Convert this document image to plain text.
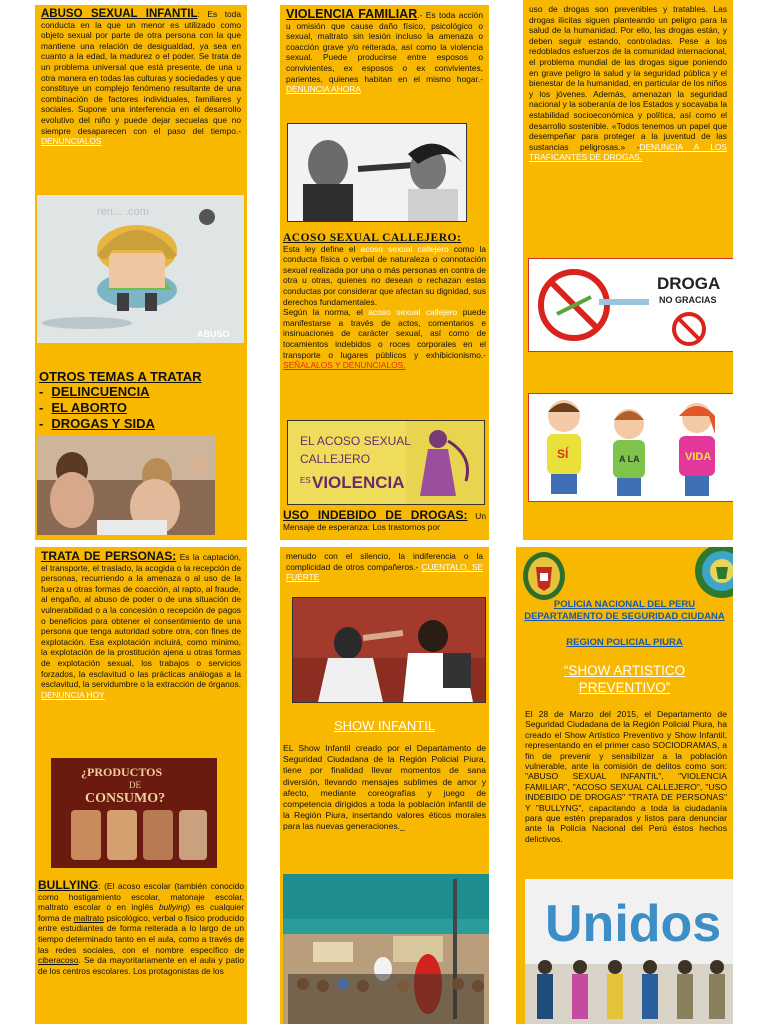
ABUSO SEXUAL INFANTIL: Es toda conducta en la que un menor es utilizado como objeto sexual por parte de otra persona con la que mantiene una relación de desigualdad, ya sea en cuanto a la edad, la madurez o el poder. Se trata de un problema universal que está presente, de una u otra manera en todas las culturas y sociedades y que constituye un complejo fenómeno resultante de una combinación de factores individuales, familiares y sociales. Supone una interferencia en el desarrollo evolutivo del niño y puede dejar secuelas que no siempre desaparecen con el paso del tiempo.-DENUNCIALOS

ren... .com
ABUSO

OTROS TEMAS A TRATAR

- DELINCUENCIA
- EL ABORTO
- DROGAS Y SIDA

VIOLENCIA FAMILIAR.- Es toda acción u omisión que cause daño físico, psicológico o sexual, maltrato sin lesión incluso la amenaza o coacción grave y/o reiterada, así como la violencia sexual. Puede producirse entre esposos o convivientes, ex esposos o ex convivientes, parientes, quienes habitan en el mismo hogar.-DENUNCIA AHORA

ACOSO SEXUAL CALLEJERO:
Esta ley define el acoso sexual callejero como la conducta física o verbal de naturaleza o connotación sexual realizada por una o más personas en contra de otra u otras, quienes no desean o rechazan estas conductas por considerar que afectan su dignidad, sus derechos fundamentales.
Según la norma, el acoso sexual callejero puede manifestarse a través de actos, comentarios e insinuaciones de carácter sexual, así como de tocamientos indebidos o roces corporales en el transporte o lugares públicos y exhibicionismo.-SEÑALALOS Y DENUNCIALOS.

EL ACOSO SEXUAL
CALLEJERO
ES VIOLENCIA

USO INDEBIDO DE DROGAS: Un Mensaje de esperanza: Los trastornos por

uso de drogas son prevenibles y tratables. Las drogas ilícitas siguen planteando un peligro para la salud de la humanidad. Por ello, las drogas están, y deben seguir estando, controladas. Pese a los redoblados esfuerzos de la comunidad internacional, el problema mundial de las drogas sigue poniendo en grave peligro la salud y la seguridad pública y el bienestar de la humanidad, en particular de los niños y los jóvenes. Además, amenazan la seguridad nacional y la soberanía de los Estados y socavaba la estabilidad socioeconómica y política, así como el desarrollo sostenible. «Todos tenemos un papel que desempeñar para proteger a la juventud de las sustancias peligrosas.» -DENUNCIA A LOS TRAFICANTES DE DROGAS.

DROGA
NO GRACIAS
SÍ	A LA	VIDA

TRATA DE PERSONAS: Es la captación, el transporte, el traslado, la acogida o la recepción de personas, recurriendo a la amenaza o al uso de la fuerza u otras formas de coacción, al rapto, al fraude, al engaño, al abuso de poder o de una situación de vulnerabilidad o a la concesión o recepción de pagos o beneficios para obtener el consentimiento de una persona que tenga autoridad sobre otra, con fines de explotación. Esa explotación incluirá, como mínimo, la explotación de la prostitución ajena u otras formas de explotación sexual, los trabajos o servicios forzados, la esclavitud o las prácticas análogas a la esclavitud, la servidumbre o la extracción de órganos. DENUNCIA HOY

¿PRODUCTOS
DE
CONSUMO?

BULLYING: (El acoso escolar (también conocido como hostigamiento escolar, matonaje escolar, maltrato escolar o en inglés bullying) es cualquier forma de maltrato psicológico, verbal o físico producido entre estudiantes de forma reiterada a lo largo de un tiempo determinado tanto en el aula, como a través de las redes sociales, con el nombre específico de ciberacoso. Se da mayoritariamente en el aula y patio de los centros escolares. Los protagonistas de los

menudo con el silencio, la indiferencia o la complicidad de otros compañeros.- CUENTALO, SE FUERTE

SHOW INFANTIL

EL Show Infantil creado por el Departamento de Seguridad Ciudadana de la Región Policial Piura, tiene por finalidad llevar momentos de sana diversión, llevando mensajes sublimes de amor y afecto, mediante coreografías y juego de competencia dirigidos a toda la población infantil de la Región Piura, insertando valores éticos morales para las nuevas generaciones._

POLICIA NACIONAL DEL PERU
DEPARTAMENTO DE SEGURIDAD CIUDANA
REGION POLICIAL PIURA
“SHOW ARTISTICO PREVENTIVO”

El 28 de Marzo del 2015, el Departamento de Seguridad Ciudadana de la Región Policial Piura, ha creado el Show Artístico Preventivo y Show Infantil, representando en el primer caso SOCIODRAMAS, a fin de prevenir y sensibilizar a la población vulnerable, ante la comisión de delitos como son: "ABUSO SEXUAL INFANTIL", "VIOLENCIA FAMILIAR", "ACOSO SEXUAL CALLEJERO", "USO INDEBIDO DE DROGAS" "TRATA DE PERSONAS" Y "BULLYNG", capacitando a toda la ciudadanía para que estén preparados y listos para denunciar ante la Policía Nacional del Perú éstos hechos delictivos.

Unidos
